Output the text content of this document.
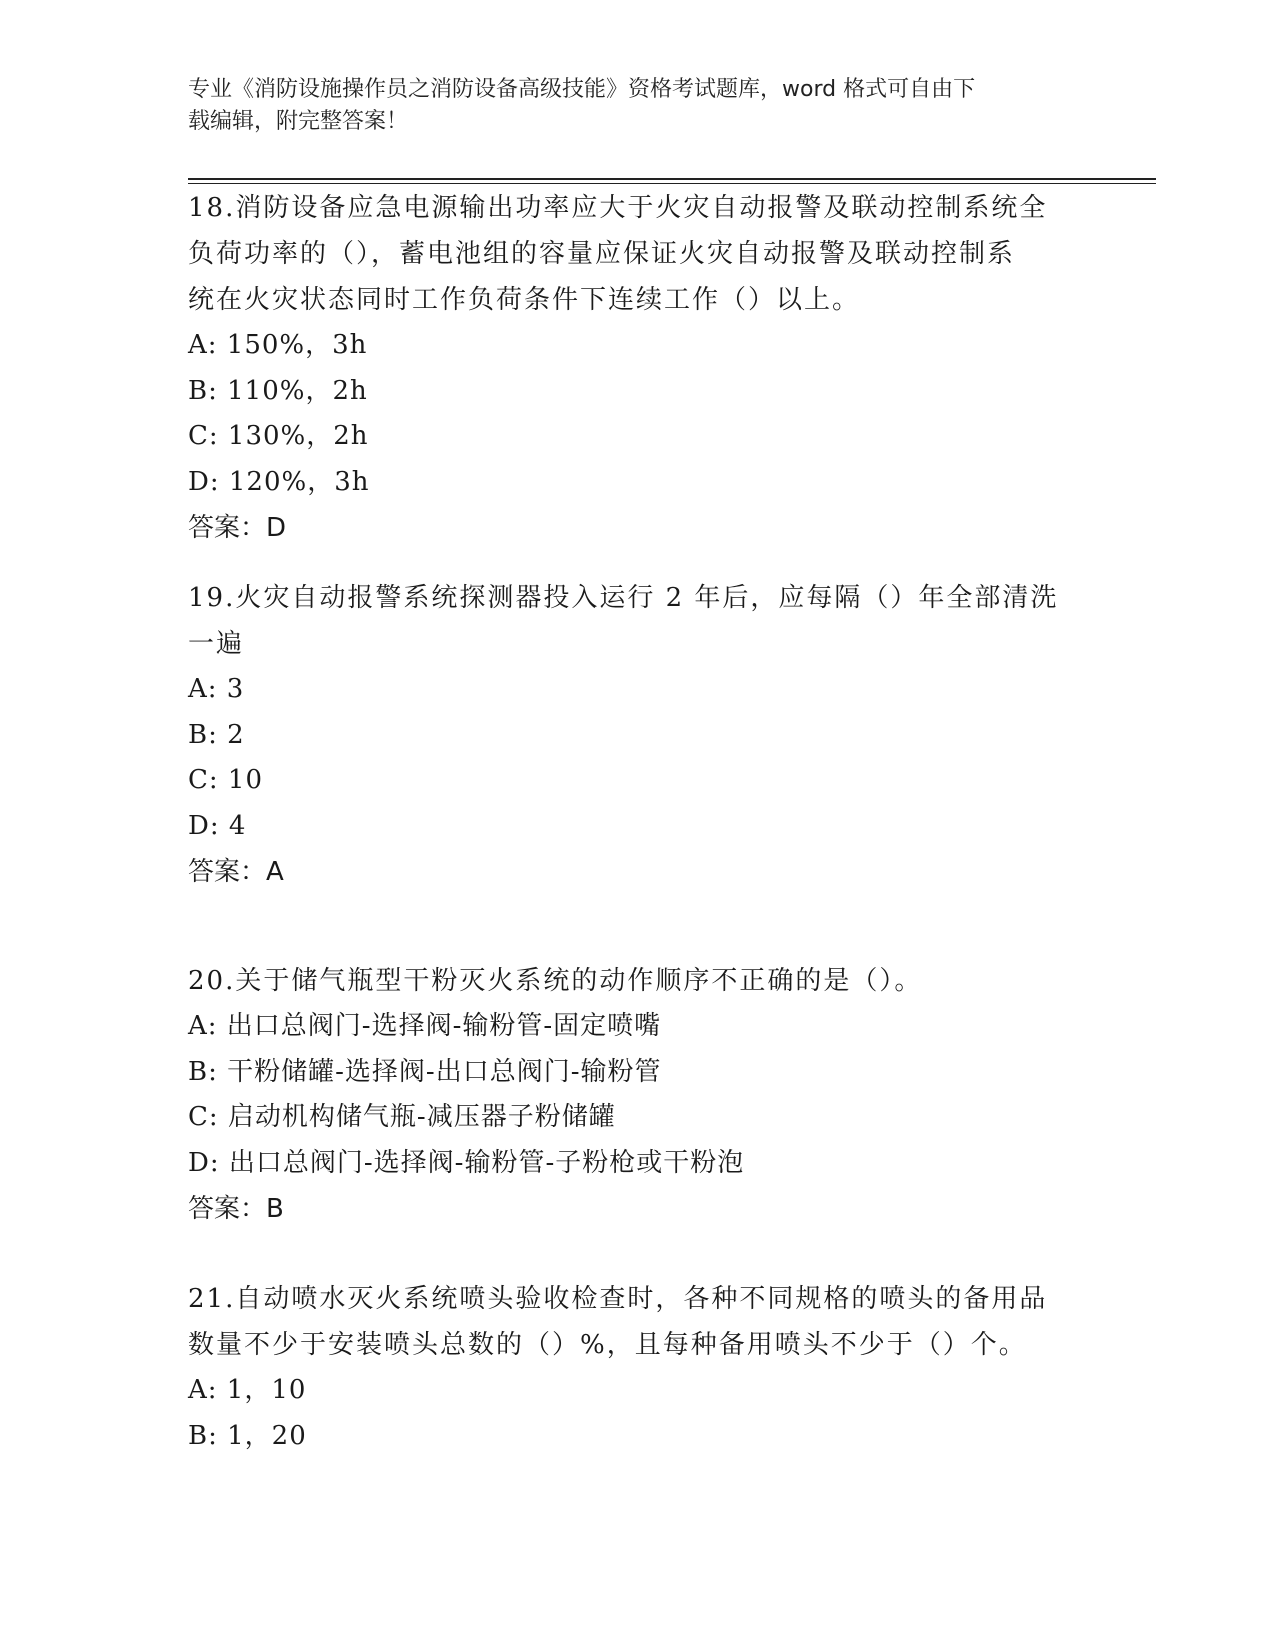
专业《消防设施操作员之消防设备高级技能》资格考试题库，word 格式可自由下
载编辑，附完整答案！

18.消防设备应急电源输出功率应大于火灾自动报警及联动控制系统全

负荷功率的（），蓄电池组的容量应保证火灾自动报警及联动控制系

统在火灾状态同时工作负荷条件下连续工作（）以上。

A: 150%，3h

B: 110%，2h

C: 130%，2h

D: 120%，3h

答案：D

19.火灾自动报警系统探测器投入运行 2 年后，应每隔（）年全部清洗

一遍

A: 3

B: 2

C: 10

D: 4

答案：A

20.关于储气瓶型干粉灭火系统的动作顺序不正确的是（）。

A: 出口总阀门-选择阀-输粉管-固定喷嘴

B: 干粉储罐-选择阀-出口总阀门-输粉管

C: 启动机构储气瓶-减压器子粉储罐

D: 出口总阀门-选择阀-输粉管-子粉枪或干粉泡

答案：B

21.自动喷水灭火系统喷头验收检查时，各种不同规格的喷头的备用品

数量不少于安装喷头总数的（）%，且每种备用喷头不少于（）个。

A: 1，10

B: 1，20
